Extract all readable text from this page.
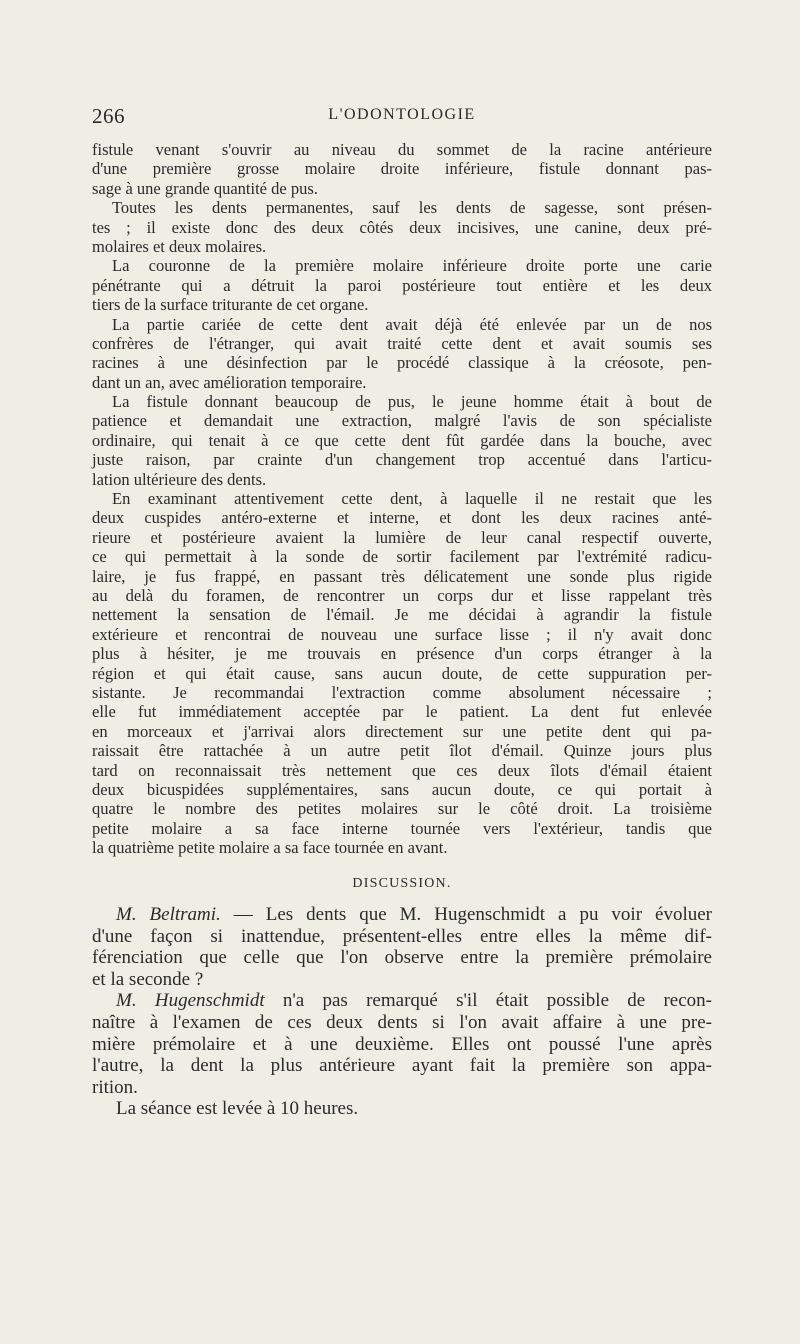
266	L'ODONTOLOGIE
fistule venant s'ouvrir au niveau du sommet de la racine antérieure
d'une première grosse molaire droite inférieure, fistule donnant pas-
sage à une grande quantité de pus.
Toutes les dents permanentes, sauf les dents de sagesse, sont présen-
tes ; il existe donc des deux côtés deux incisives, une canine, deux pré-
molaires et deux molaires.
La couronne de la première molaire inférieure droite porte une carie
pénétrante qui a détruit la paroi postérieure tout entière et les deux
tiers de la surface triturante de cet organe.
La partie cariée de cette dent avait déjà été enlevée par un de nos
confrères de l'étranger, qui avait traité cette dent et avait soumis ses
racines à une désinfection par le procédé classique à la créosote, pen-
dant un an, avec amélioration temporaire.
La fistule donnant beaucoup de pus, le jeune homme était à bout de
patience et demandait une extraction, malgré l'avis de son spécialiste
ordinaire, qui tenait à ce que cette dent fût gardée dans la bouche, avec
juste raison, par crainte d'un changement trop accentué dans l'articu-
lation ultérieure des dents.
En examinant attentivement cette dent, à laquelle il ne restait que les
deux cuspides antéro-externe et interne, et dont les deux racines anté-
rieure et postérieure avaient la lumière de leur canal respectif ouverte,
ce qui permettait à la sonde de sortir facilement par l'extrémité radicu-
laire, je fus frappé, en passant très délicatement une sonde plus rigide
au delà du foramen, de rencontrer un corps dur et lisse rappelant très
nettement la sensation de l'émail. Je me décidai à agrandir la fistule
extérieure et rencontrai de nouveau une surface lisse ; il n'y avait donc
plus à hésiter, je me trouvais en présence d'un corps étranger à la
région et qui était cause, sans aucun doute, de cette suppuration per-
sistante. Je recommandai l'extraction comme absolument nécessaire ;
elle fut immédiatement acceptée par le patient. La dent fut enlevée
en morceaux et j'arrivai alors directement sur une petite dent qui pa-
raissait être rattachée à un autre petit îlot d'émail. Quinze jours plus
tard on reconnaissait très nettement que ces deux îlots d'émail étaient
deux bicuspidées supplémentaires, sans aucun doute, ce qui portait à
quatre le nombre des petites molaires sur le côté droit. La troisième
petite molaire a sa face interne tournée vers l'extérieur, tandis que
la quatrième petite molaire a sa face tournée en avant.
DISCUSSION.
M. Beltrami. — Les dents que M. Hugenschmidt a pu voir évoluer
d'une façon si inattendue, présentent-elles entre elles la même dif-
férenciation que celle que l'on observe entre la première prémolaire
et la seconde ?
M. Hugenschmidt n'a pas remarqué s'il était possible de recon-
naître à l'examen de ces deux dents si l'on avait affaire à une pre-
mière prémolaire et à une deuxième. Elles ont poussé l'une après
l'autre, la dent la plus antérieure ayant fait la première son appa-
rition.
La séance est levée à 10 heures.
